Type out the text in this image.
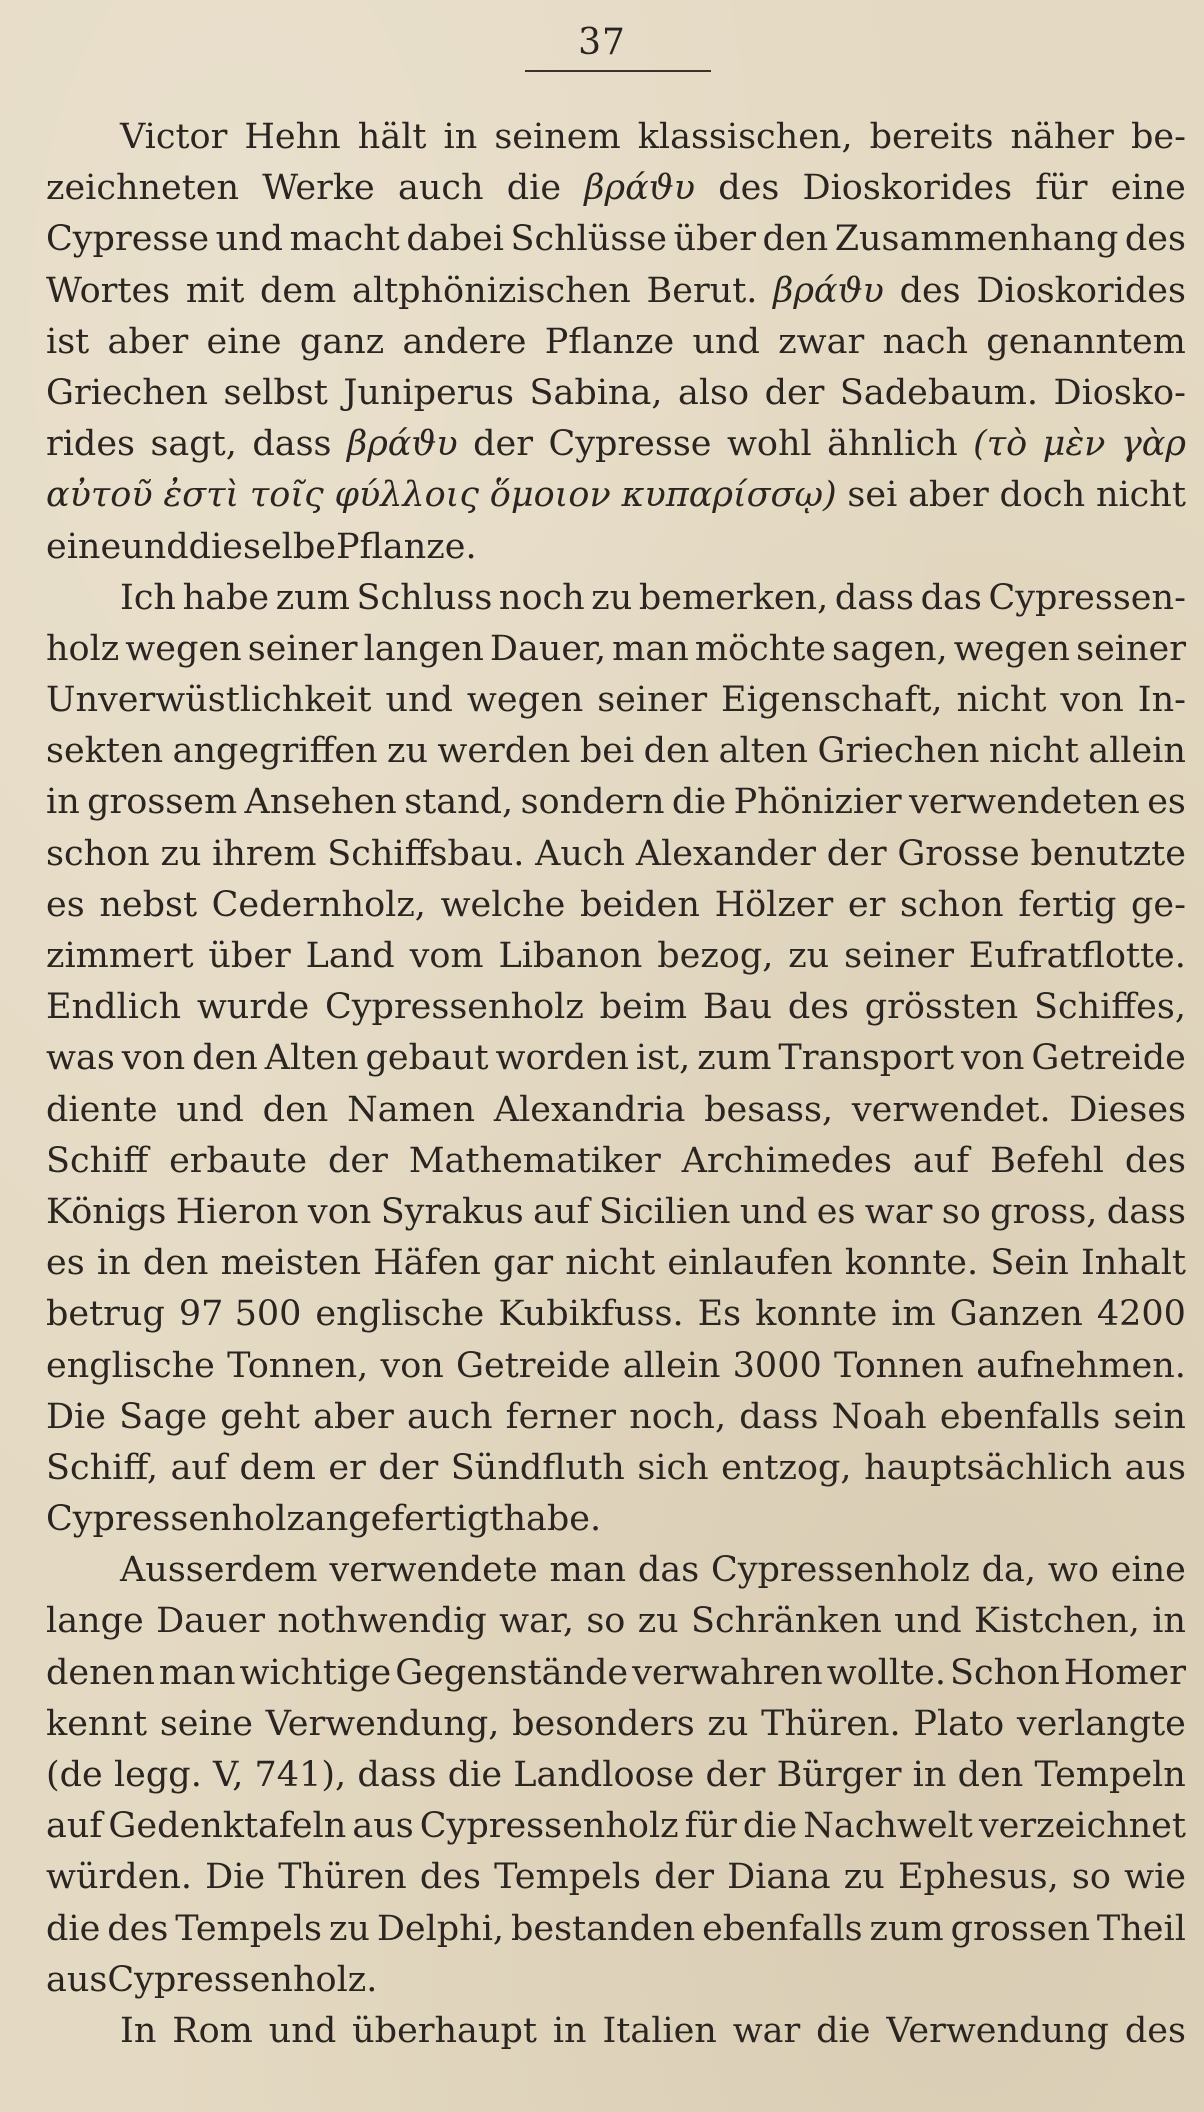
37
Victor Hehn hält in seinem klassischen, bereits näher be-
zeichneten Werke auch die βράϑυ des Dioskorides für eine
Cypresse und macht dabei Schlüsse über den Zusammenhang des
Wortes mit dem altphönizischen Berut. βράϑυ des Dioskorides
ist aber eine ganz andere Pflanze und zwar nach genanntem
Griechen selbst Juniperus Sabina, also der Sadebaum. Diosko-
rides sagt, dass βράϑυ der Cypresse wohl ähnlich (τὸ μὲν γὰρ
αὐτοῦ ἐστὶ τοῖς φύλλοις ὅμοιον κυπαρίσσῳ) sei aber doch nicht
eine und dieselbe Pflanze.
Ich habe zum Schluss noch zu bemerken, dass das Cypressen-
holz wegen seiner langen Dauer, man möchte sagen, wegen seiner
Unverwüstlichkeit und wegen seiner Eigenschaft, nicht von In-
sekten angegriffen zu werden bei den alten Griechen nicht allein
in grossem Ansehen stand, sondern die Phönizier verwendeten es
schon zu ihrem Schiffsbau. Auch Alexander der Grosse benutzte
es nebst Cedernholz, welche beiden Hölzer er schon fertig ge-
zimmert über Land vom Libanon bezog, zu seiner Eufratflotte.
Endlich wurde Cypressenholz beim Bau des grössten Schiffes,
was von den Alten gebaut worden ist, zum Transport von Getreide
diente und den Namen Alexandria besass, verwendet. Dieses
Schiff erbaute der Mathematiker Archimedes auf Befehl des
Königs Hieron von Syrakus auf Sicilien und es war so gross, dass
es in den meisten Häfen gar nicht einlaufen konnte. Sein Inhalt
betrug 97 500 englische Kubikfuss. Es konnte im Ganzen 4200
englische Tonnen, von Getreide allein 3000 Tonnen aufnehmen.
Die Sage geht aber auch ferner noch, dass Noah ebenfalls sein
Schiff, auf dem er der Sündfluth sich entzog, hauptsächlich aus
Cypressenholz angefertigt habe.
Ausserdem verwendete man das Cypressenholz da, wo eine
lange Dauer nothwendig war, so zu Schränken und Kistchen, in
denen man wichtige Gegenstände verwahren wollte. Schon Homer
kennt seine Verwendung, besonders zu Thüren. Plato verlangte
(de legg. V, 741), dass die Landloose der Bürger in den Tempeln
auf Gedenktafeln aus Cypressenholz für die Nachwelt verzeichnet
würden. Die Thüren des Tempels der Diana zu Ephesus, so wie
die des Tempels zu Delphi, bestanden ebenfalls zum grossen Theil
aus Cypressenholz.
In Rom und überhaupt in Italien war die Verwendung des
